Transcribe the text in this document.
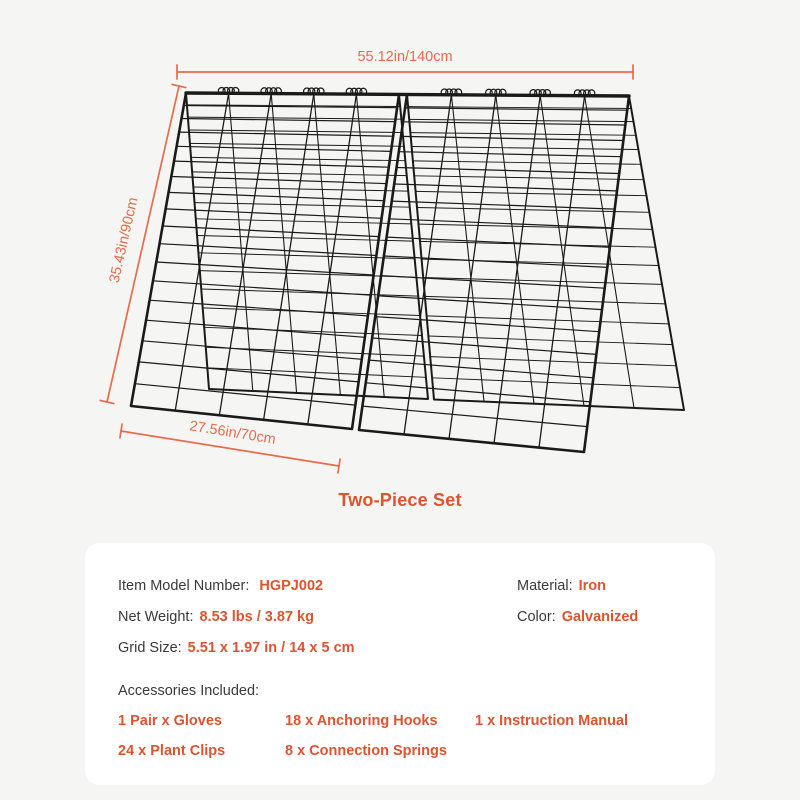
55.12in/140cm
35.43in/90cm
27.56in/70cm
Two-Piece Set
Item Model Number: HGPJ002
Net Weight: 8.53 lbs / 3.87 kg
Grid Size: 5.51 x 1.97 in / 14 x 5 cm
Material: Iron
Color: Galvanized
Accessories Included:
1 Pair x Gloves	18 x Anchoring Hooks	1 x Instruction Manual
24 x Plant Clips	8 x Connection Springs
